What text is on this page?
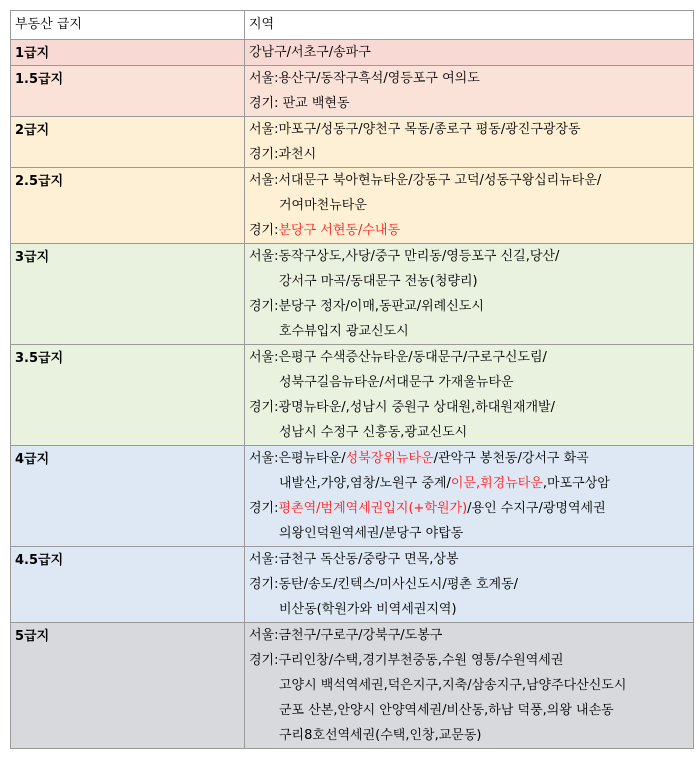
부동산 급지	지역
1급지	강남구/서초구/송파구

1.5급지	서울:용산구/동작구흑석/영등포구 여의도
경기: 판교 백현동

2급지	서울:마포구/성동구/양천구 목동/종로구 평동/광진구광장동
경기:과천시

2.5급지	서울:서대문구 북아현뉴타운/강동구 고덕/성동구왕십리뉴타운/
거여마천뉴타운
경기:분당구 서현동/수내동

3급지	서울:동작구상도,사당/중구 만리동/영등포구 신길,당산/
강서구 마곡/동대문구 전농(청량리)
경기:분당구 정자/이매,동판교/위례신도시
호수뷰입지 광교신도시

3.5급지	서울:은평구 수색증산뉴타운/동대문구/구로구신도림/
성북구길음뉴타운/서대문구 가재울뉴타운
경기:광명뉴타운/,성남시 중원구 상대원,하대원재개발/
성남시 수정구 신흥동,광교신도시

4급지	서울:은평뉴타운/성북장위뉴타운/관악구 봉천동/강서구 화곡
내발산,가양,염창/노원구 중계/이문,휘경뉴타운,마포구상암
경기:평촌역/범계역세권입지(+학원가)/용인 수지구/광명역세권
의왕인덕원역세권/분당구 야탑동

4.5급지	서울:금천구 독산동/중랑구 면목,상봉
경기:동탄/송도/킨텍스/미사신도시/평촌 호계동/
비산동(학원가와 비역세권지역)

5급지	서울:금천구/구로구/강북구/도봉구
경기:구리인창/수택,경기부천중동,수원 영통/수원역세권
고양시 백석역세권,덕은지구,지축/삼송지구,남양주다산신도시
군포 산본,안양시 안양역세권/비산동,하남 덕풍,의왕 내손동
구리8호선역세권(수택,인창,교문동)
